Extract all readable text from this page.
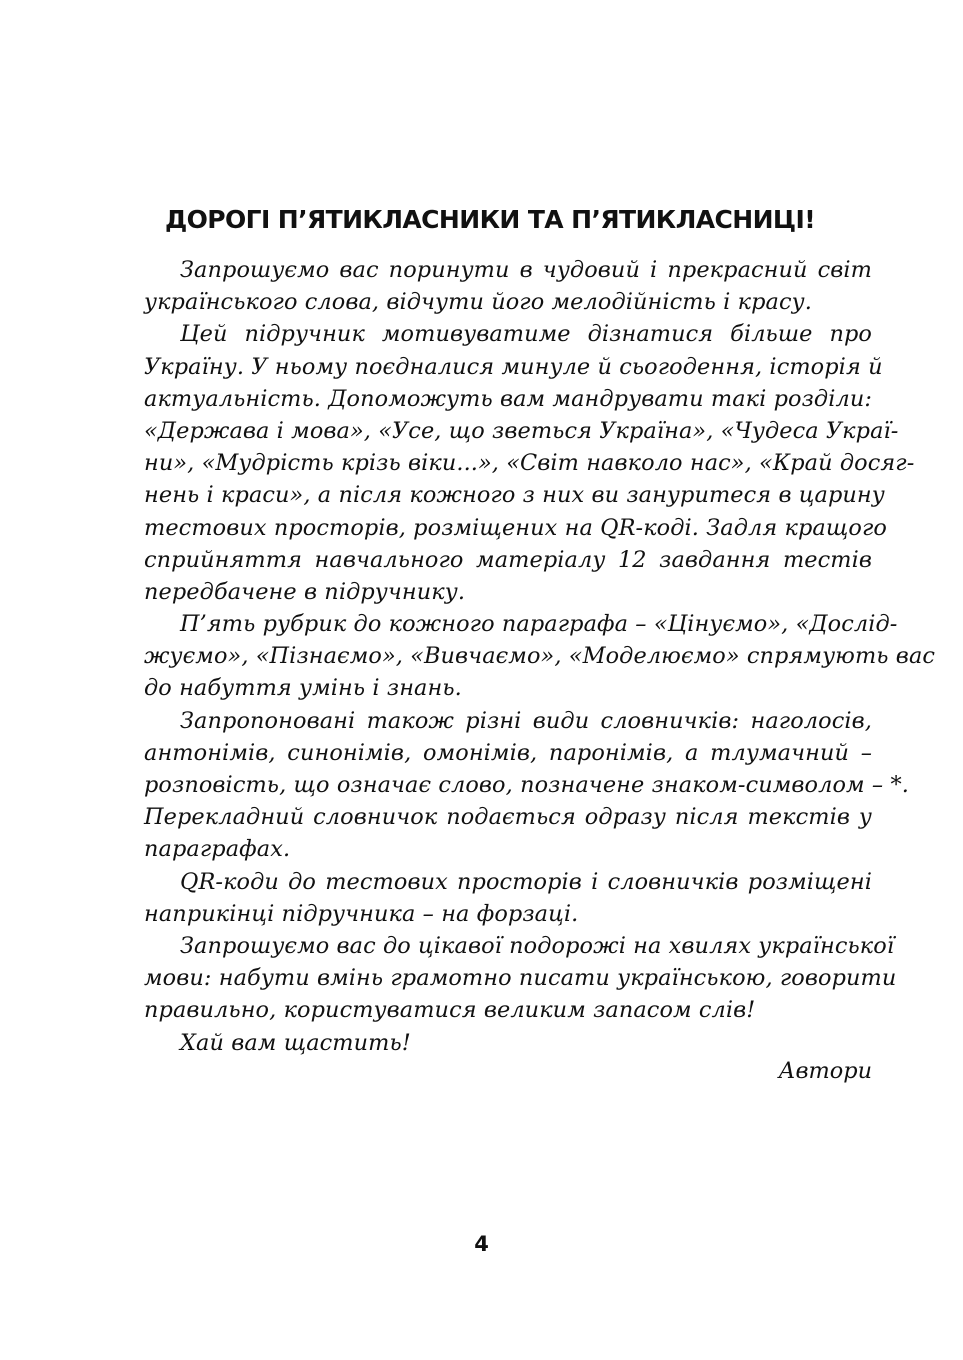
ДОРОГІ П’ЯТИКЛАСНИКИ ТА П’ЯТИКЛАСНИЦІ!

Запрошуємо вас поринути в чудовий і прекрасний світ
українського слова, відчути його мелодійність і красу.

Цей підручник мотивуватиме дізнатися більше про
Україну. У ньому поєдналися минуле й сьогодення, історія й
актуальність. Допоможуть вам мандрувати такі розділи:
«Держава і мова», «Усе, що зветься Україна», «Чудеса Украї-
ни», «Мудрість крізь віки...», «Світ навколо нас», «Край досяг-
нень і краси», а після кожного з них ви зануритеся в царину
тестових просторів, розміщених на QR-коді. Задля кращого
сприйняття навчального матеріалу 12 завдання тестів
передбачене в підручнику.

П’ять рубрик до кожного параграфа – «Цінуємо», «Дослід-
жуємо», «Пізнаємо», «Вивчаємо», «Моделюємо» спрямують вас
до набуття умінь і знань.

Запропоновані також різні види словничків: наголосів,
антонімів, синонімів, омонімів, паронімів, а тлумачний –
розповість, що означає слово, позначене знаком-символом – *.
Перекладний словничок подається одразу після текстів у
параграфах.

QR-коди до тестових просторів і словничків розміщені
наприкінці підручника – на форзаці.

Запрошуємо вас до цікавої подорожі на хвилях української
мови: набути вмінь грамотно писати українською, говорити
правильно, користуватися великим запасом слів!

Хай вам щастить!

Автори

4
